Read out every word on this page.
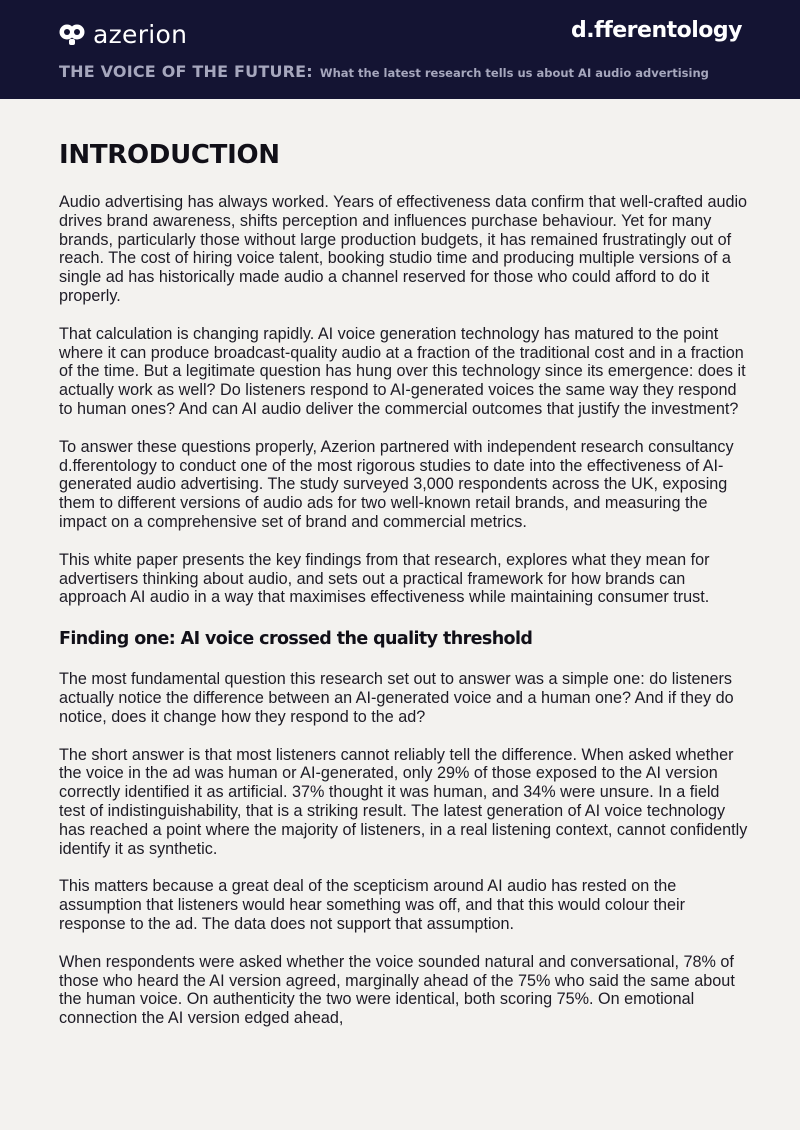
azerion	d.fferentology
THE VOICE OF THE FUTURE: What the latest research tells us about AI audio advertising
INTRODUCTION

Audio advertising has always worked. Years of effectiveness data confirm that well-crafted audio drives brand awareness, shifts perception and influences purchase behaviour. Yet for many brands, particularly those without large production budgets, it has remained frustratingly out of reach. The cost of hiring voice talent, booking studio time and producing multiple versions of a single ad has historically made audio a channel reserved for those who could afford to do it properly.

That calculation is changing rapidly. AI voice generation technology has matured to the point where it can produce broadcast-quality audio at a fraction of the traditional cost and in a fraction of the time. But a legitimate question has hung over this technology since its emergence: does it actually work as well? Do listeners respond to AI-generated voices the same way they respond to human ones? And can AI audio deliver the commercial outcomes that justify the investment?

To answer these questions properly, Azerion partnered with independent research consultancy d.fferentology to conduct one of the most rigorous studies to date into the effectiveness of AI-generated audio advertising. The study surveyed 3,000 respondents across the UK, exposing them to different versions of audio ads for two well-known retail brands, and measuring the impact on a comprehensive set of brand and commercial metrics.

This white paper presents the key findings from that research, explores what they mean for advertisers thinking about audio, and sets out a practical framework for how brands can approach AI audio in a way that maximises effectiveness while maintaining consumer trust.

Finding one: AI voice crossed the quality threshold

The most fundamental question this research set out to answer was a simple one: do listeners actually notice the difference between an AI-generated voice and a human one? And if they do notice, does it change how they respond to the ad?

The short answer is that most listeners cannot reliably tell the difference. When asked whether the voice in the ad was human or AI-generated, only 29% of those exposed to the AI version correctly identified it as artificial. 37% thought it was human, and 34% were unsure. In a field test of indistinguishability, that is a striking result. The latest generation of AI voice technology has reached a point where the majority of listeners, in a real listening context, cannot confidently identify it as synthetic.

This matters because a great deal of the scepticism around AI audio has rested on the assumption that listeners would hear something was off, and that this would colour their response to the ad. The data does not support that assumption.

When respondents were asked whether the voice sounded natural and conversational, 78% of those who heard the AI version agreed, marginally ahead of the 75% who said the same about the human voice. On authenticity the two were identical, both scoring 75%. On emotional connection the AI version edged ahead,
